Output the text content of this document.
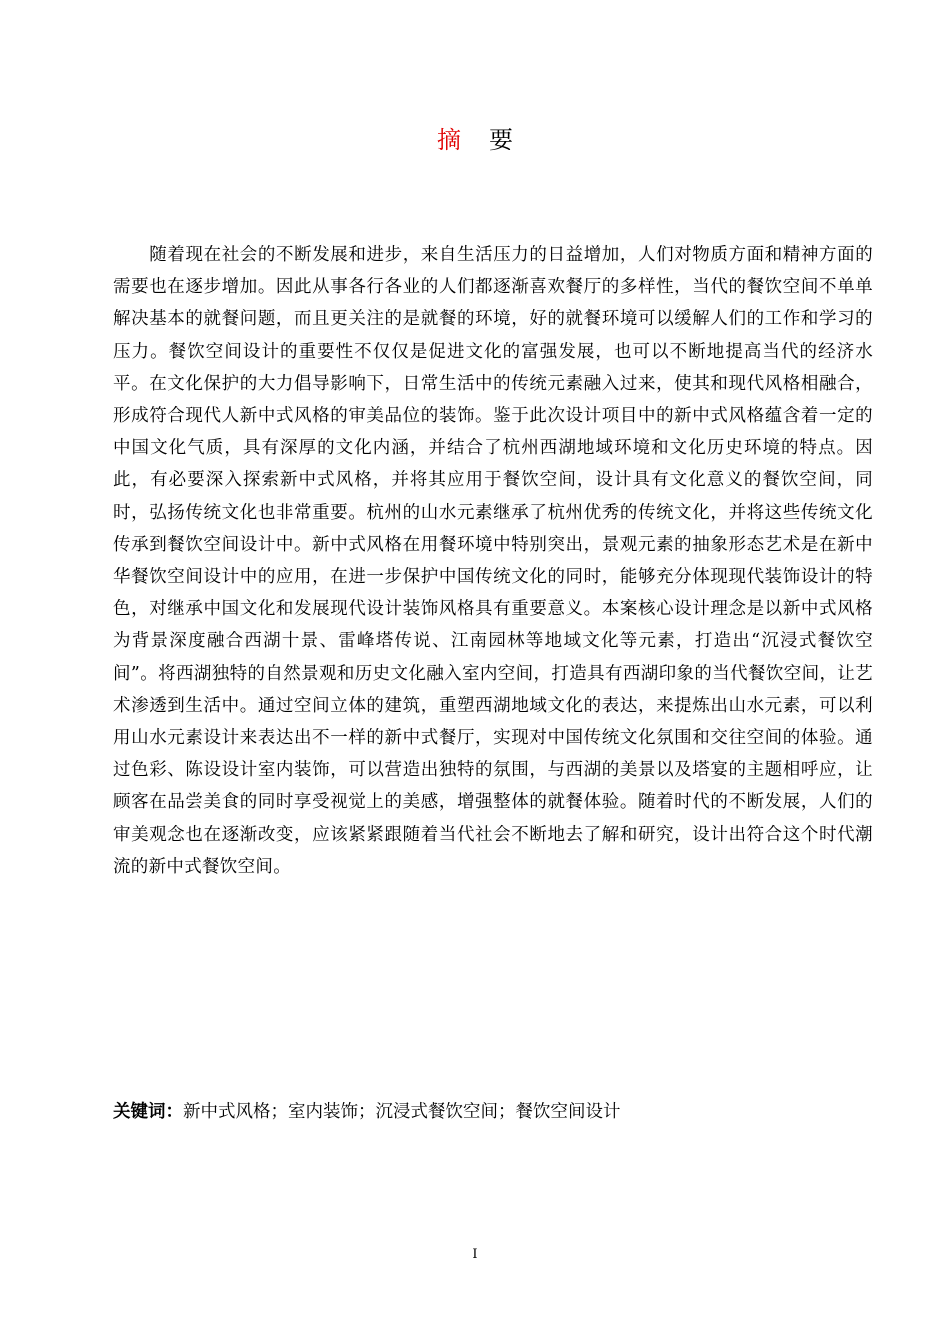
摘 要

随着现在社会的不断发展和进步，来自生活压力的日益增加，人们对物质方面和精神方面的需要也在逐步增加。因此从事各行各业的人们都逐渐喜欢餐厅的多样性，当代的餐饮空间不单单解决基本的就餐问题，而且更关注的是就餐的环境，好的就餐环境可以缓解人们的工作和学习的压力。餐饮空间设计的重要性不仅仅是促进文化的富强发展，也可以不断地提高当代的经济水平。在文化保护的大力倡导影响下，日常生活中的传统元素融入过来，使其和现代风格相融合，形成符合现代人新中式风格的审美品位的装饰。鉴于此次设计项目中的新中式风格蕴含着一定的中国文化气质，具有深厚的文化内涵，并结合了杭州西湖地域环境和文化历史环境的特点。因此，有必要深入探索新中式风格，并将其应用于餐饮空间，设计具有文化意义的餐饮空间，同时，弘扬传统文化也非常重要。杭州的山水元素继承了杭州优秀的传统文化，并将这些传统文化传承到餐饮空间设计中。新中式风格在用餐环境中特别突出，景观元素的抽象形态艺术是在新中华餐饮空间设计中的应用，在进一步保护中国传统文化的同时，能够充分体现现代装饰设计的特色，对继承中国文化和发展现代设计装饰风格具有重要意义。本案核心设计理念是以新中式风格为背景深度融合西湖十景、雷峰塔传说、江南园林等地域文化等元素，打造出“沉浸式餐饮空间”。将西湖独特的自然景观和历史文化融入室内空间，打造具有西湖印象的当代餐饮空间，让艺术渗透到生活中。通过空间立体的建筑，重塑西湖地域文化的表达，来提炼出山水元素，可以利用山水元素设计来表达出不一样的新中式餐厅，实现对中国传统文化氛围和交往空间的体验。通过色彩、陈设设计室内装饰，可以营造出独特的氛围，与西湖的美景以及塔宴的主题相呼应，让顾客在品尝美食的同时享受视觉上的美感，增强整体的就餐体验。随着时代的不断发展，人们的审美观念也在逐渐改变，应该紧紧跟随着当代社会不断地去了解和研究，设计出符合这个时代潮流的新中式餐饮空间。

关键词：新中式风格；室内装饰；沉浸式餐饮空间；餐饮空间设计

I
